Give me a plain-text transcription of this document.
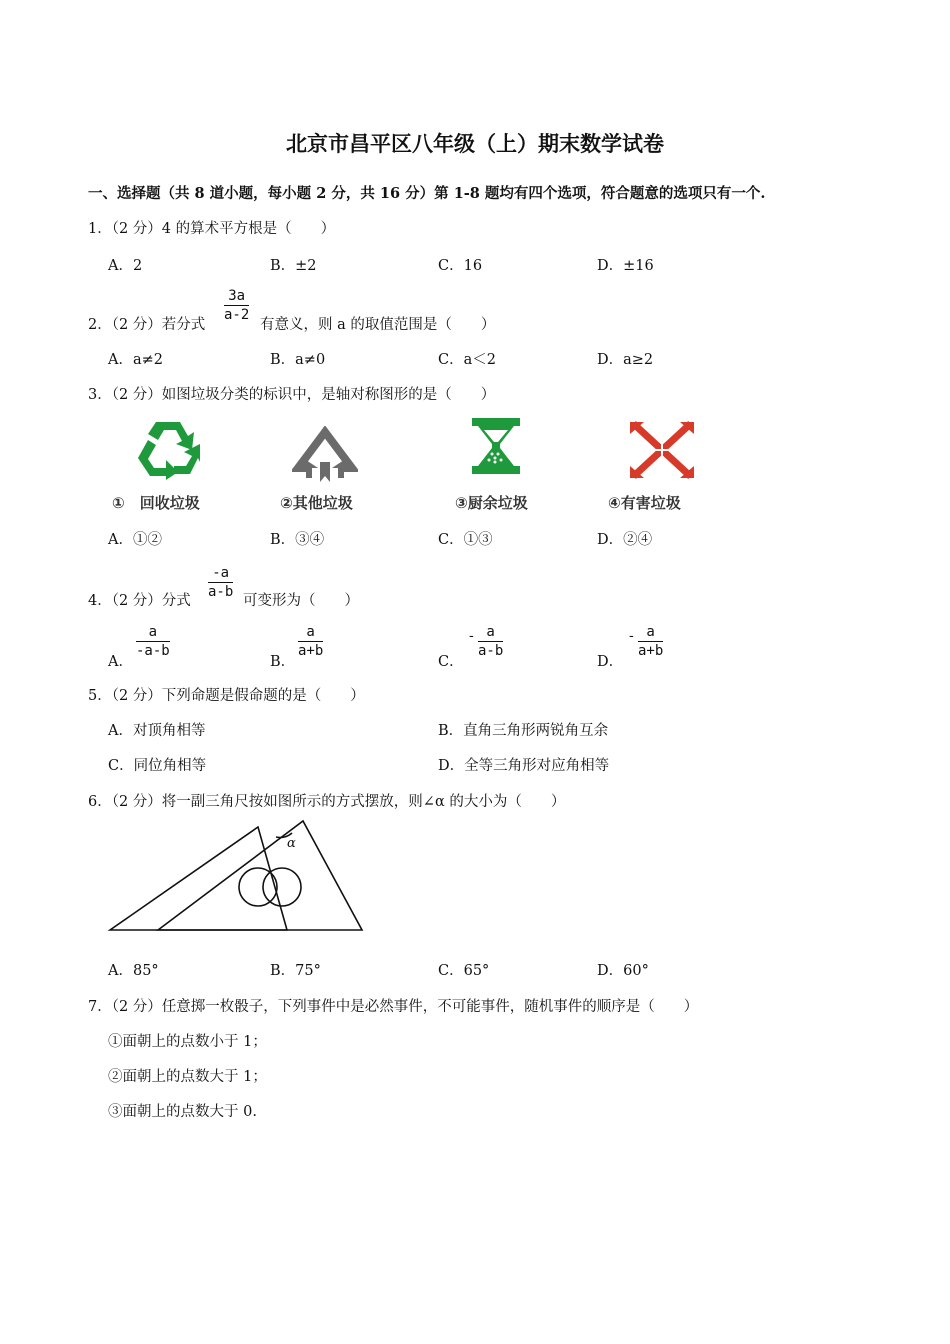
北京市昌平区八年级（上）期末数学试卷
一、选择题（共 8 道小题，每小题 2 分，共 16 分）第 1-8 题均有四个选项，符合题意的选项只有一个.
1．（2 分）4 的算术平方根是（　　）
A．2	B．±2	C．16	D．±16
2．（2 分）若分式
$\frac{3a}{a-2}$
有意义，则 a 的取值范围是（　　）
A．a≠2	B．a≠0	C．a＜2	D．a≥2
3．（2 分）如图垃圾分类的标识中，是轴对称图形的是（　　）
①　回收垃圾	②其他垃圾	③厨余垃圾	④有害垃圾
A．①②	B．③④	C．①③	D．②④
4．（2 分）分式
$\frac{-a}{a-b}$
可变形为（　　）
A．
$\frac{a}{-a-b}$
B．
$\frac{a}{a+b}$
C．
- $\frac{a}{a-b}$
D．
- $\frac{a}{a+b}$
5．（2 分）下列命题是假命题的是（　　）
A．对顶角相等	B．直角三角形两锐角互余
C．同位角相等	D．全等三角形对应角相等
6．（2 分）将一副三角尺按如图所示的方式摆放，则∠α 的大小为（　　）
α
A．85°	B．75°	C．65°	D．60°
7．（2 分）任意掷一枚骰子，下列事件中是必然事件，不可能事件，随机事件的顺序是（　　）
①面朝上的点数小于 1；
②面朝上的点数大于 1；
③面朝上的点数大于 0.
